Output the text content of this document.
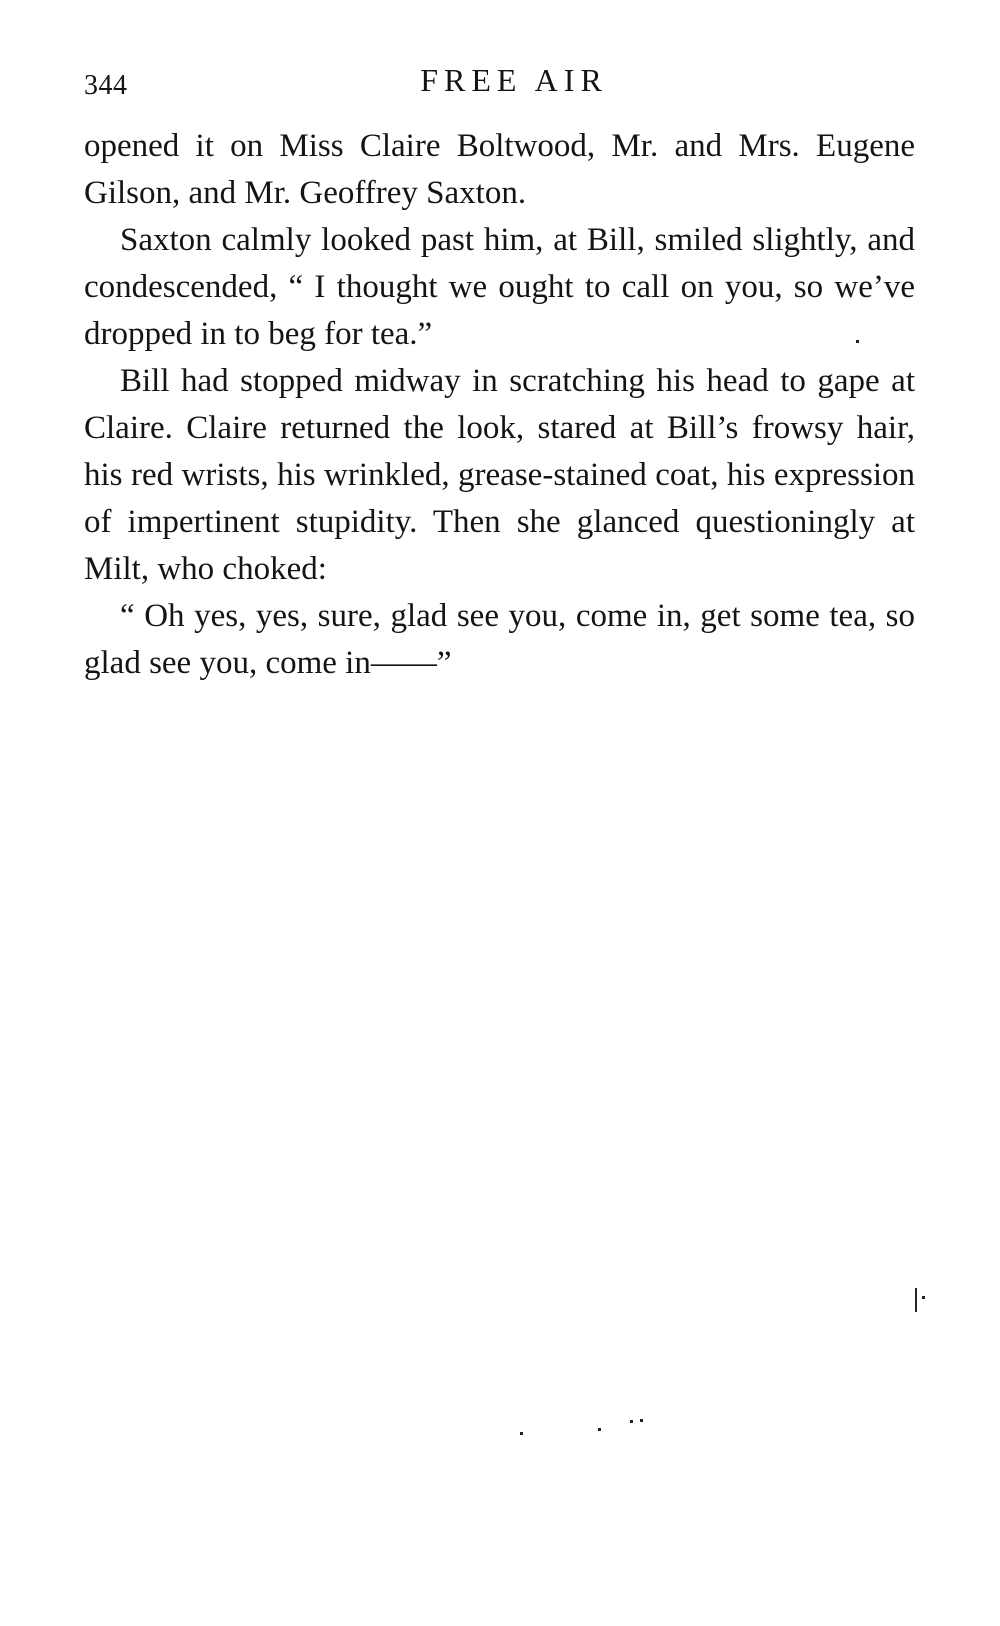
344	FREE AIR

opened it on Miss Claire Boltwood, Mr. and Mrs. Eugene Gilson, and Mr. Geoffrey Saxton.

Saxton calmly looked past him, at Bill, smiled slightly, and condescended, “ I thought we ought to call on you, so we’ve dropped in to beg for tea.”

Bill had stopped midway in scratching his head to gape at Claire. Claire returned the look, stared at Bill’s frowsy hair, his red wrists, his wrinkled, grease-stained coat, his expression of impertinent stupidity. Then she glanced questioningly at Milt, who choked:

“ Oh yes, yes, sure, glad see you, come in, get some tea, so glad see you, come in——”
